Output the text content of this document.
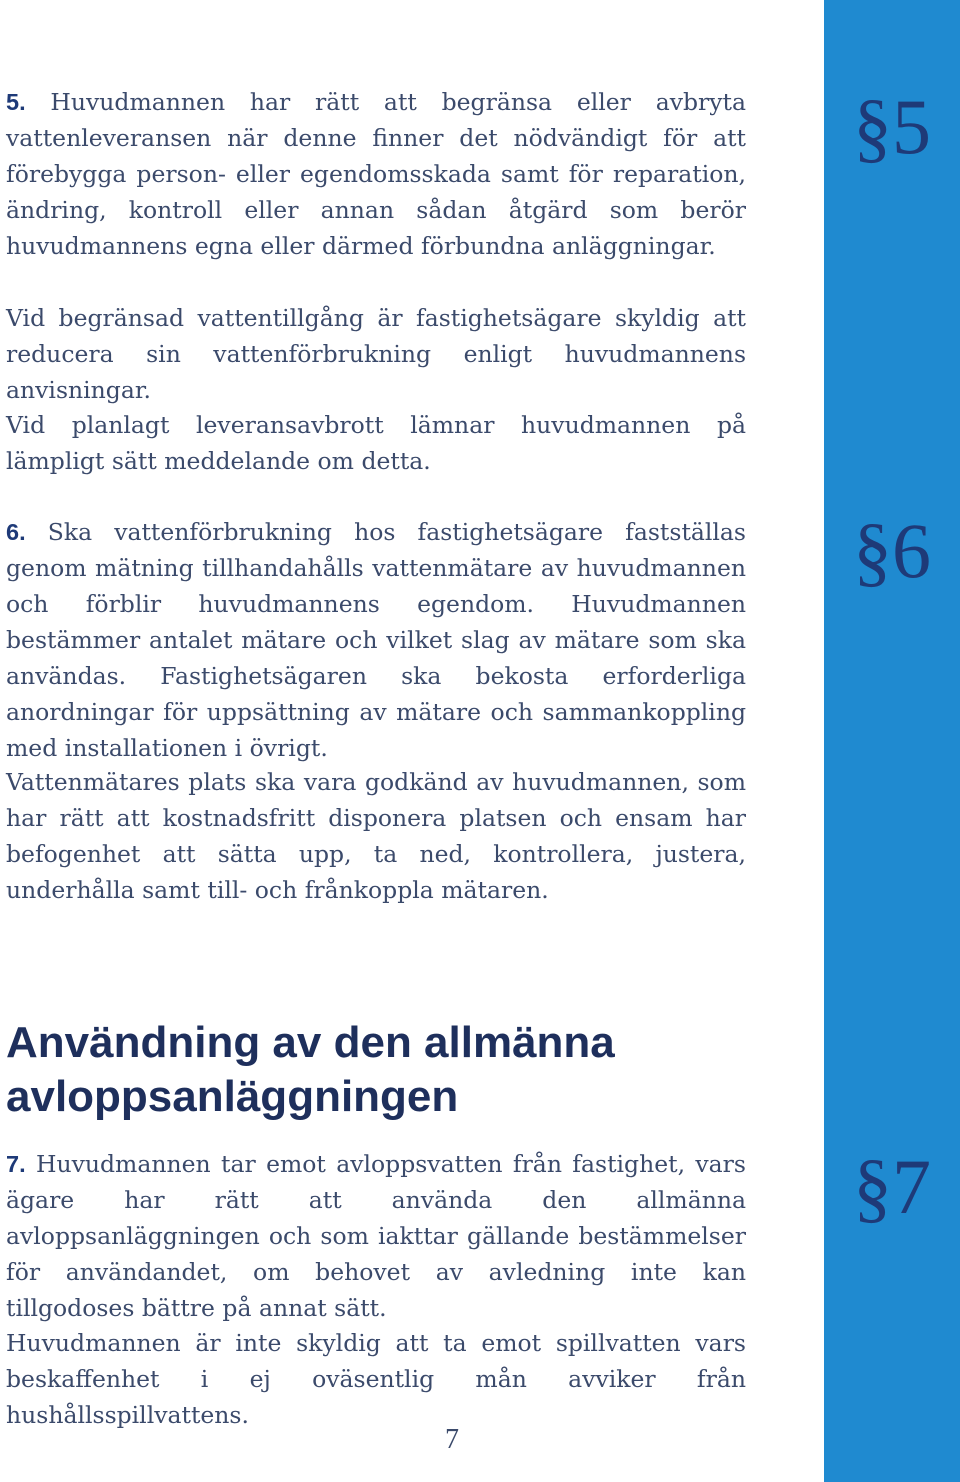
§5
§6
§7

5. Huvudmannen har rätt att begränsa eller avbryta vattenleveransen när denne finner det nödvändigt för att förebygga person- eller egendomsskada samt för reparation, ändring, kontroll eller annan sådan åtgärd som berör huvudmannens egna eller därmed förbundna anläggningar.

Vid begränsad vattentillgång är fastighetsägare skyldig att reducera sin vattenförbrukning enligt huvudmannens anvisningar.

Vid planlagt leveransavbrott lämnar huvudmannen på lämpligt sätt meddelande om detta.

6. Ska vattenförbrukning hos fastighetsägare fastställas genom mätning tillhandahålls vattenmätare av huvudmannen och förblir huvudmannens egendom. Huvudmannen bestämmer antalet mätare och vilket slag av mätare som ska användas. Fastighetsägaren ska bekosta erforderliga anordningar för uppsättning av mätare och sammankoppling med installationen i övrigt.

Vattenmätares plats ska vara godkänd av huvudmannen, som har rätt att kostnadsfritt disponera platsen och ensam har befogenhet att sätta upp, ta ned, kontrollera, justera, underhålla samt till- och frånkoppla mätaren.

Användning av den allmänna avloppsanläggningen

7. Huvudmannen tar emot avloppsvatten från fastighet, vars ägare har rätt att använda den allmänna avloppsanläggningen och som iakttar gällande bestämmelser för användandet, om behovet av avledning inte kan tillgodoses bättre på annat sätt.

Huvudmannen är inte skyldig att ta emot spillvatten vars beskaffenhet i ej oväsentlig mån avviker från hushållsspillvattens.

7
